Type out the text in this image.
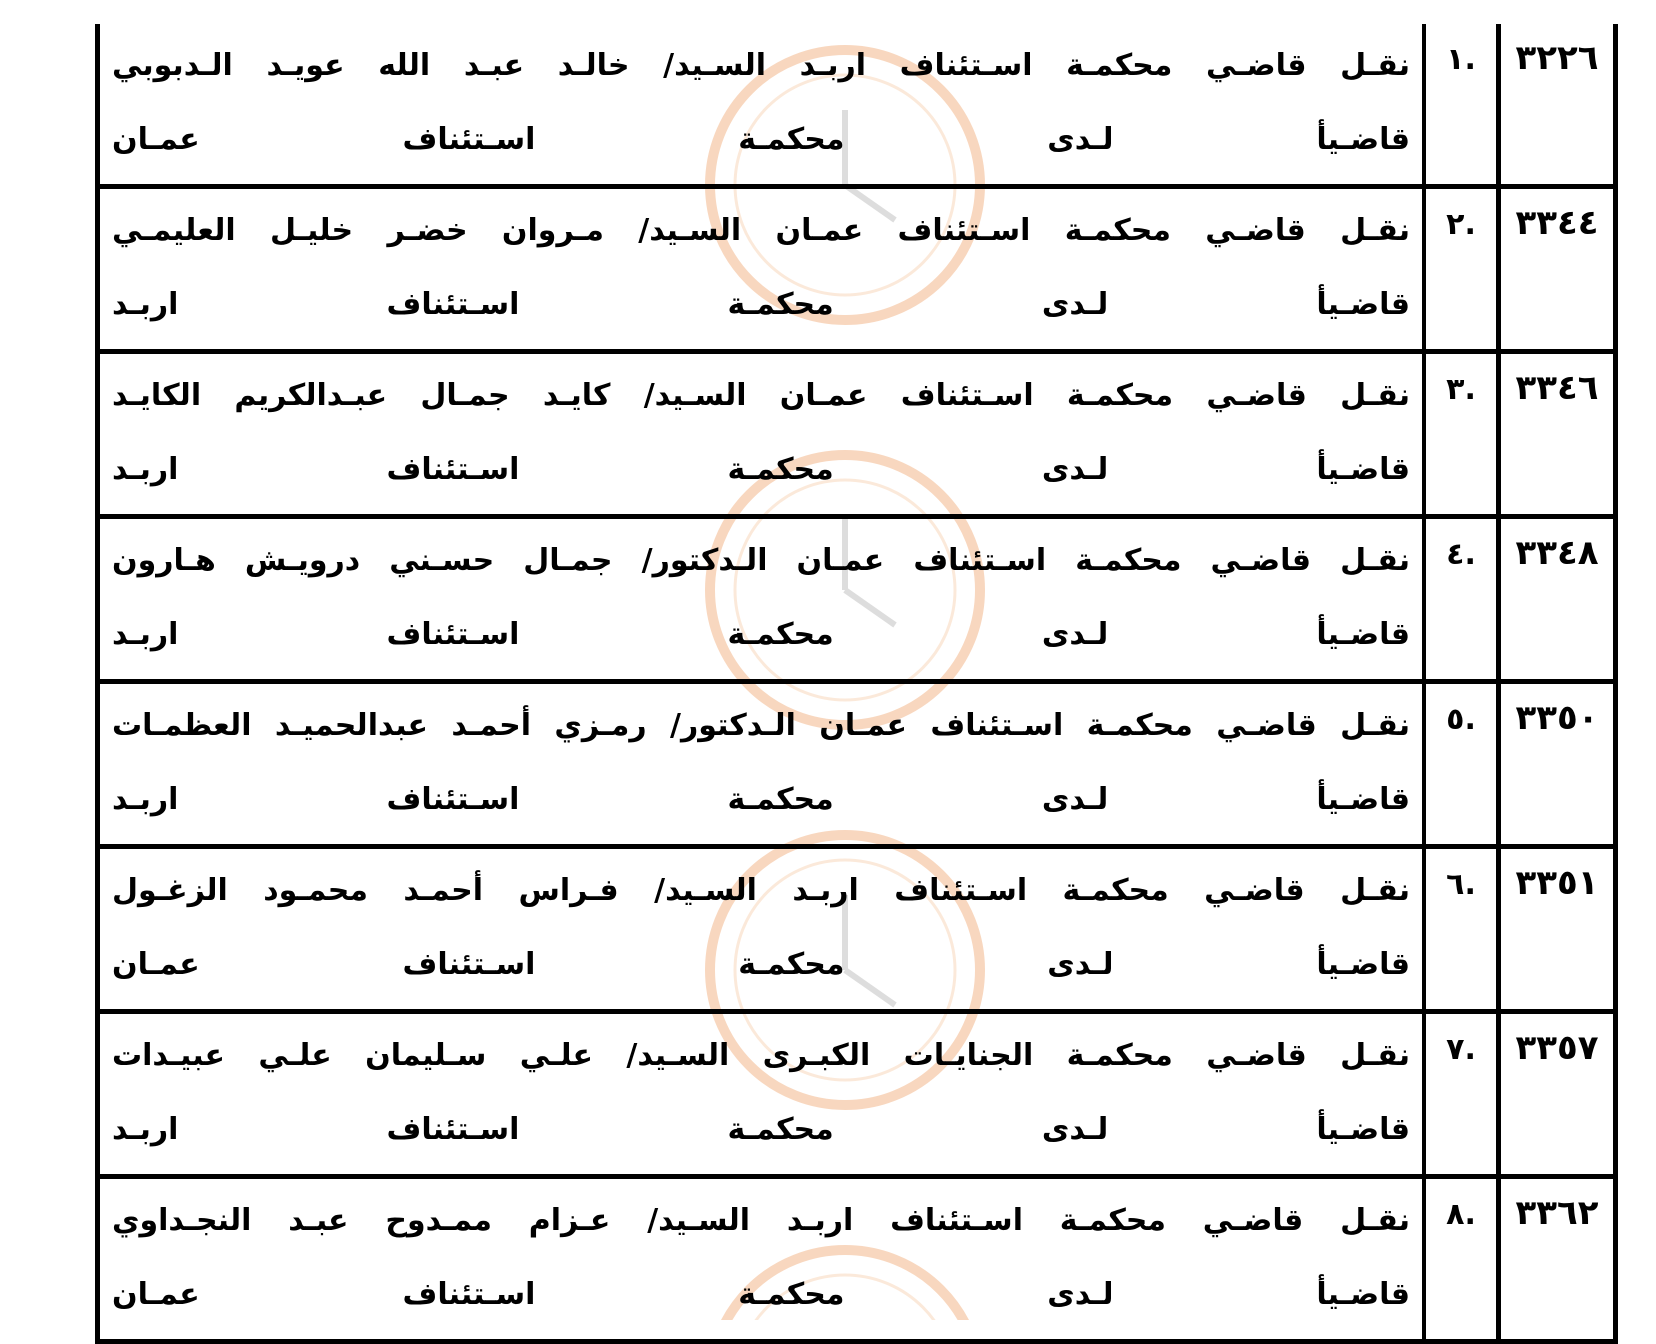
٣٢٢٦	.١	نقـل قاضـي محكمـة اسـتئناف اربـد السـيد/ خالـد عبـد الله عويـد الـدبوبي
قاضـيأ لـدى محكمـة اسـتئناف عمـان

٣٣٤٤	.٢	نقـل قاضـي محكمـة اسـتئناف عمـان السـيد/ مـروان خضـر خليـل العليمـي
قاضـيأ لـدى محكمـة اسـتئناف اربـد

٣٣٤٦	.٣	نقـل قاضـي محكمـة اسـتئناف عمـان السـيد/ كايـد جمـال عبـدالكريم الكايـد
قاضـيأ لـدى محكمـة اسـتئناف اربـد

٣٣٤٨	.٤	نقـل قاضـي محكمـة اسـتئناف عمـان الـدكتور/ جمـال حسـني درويـش هـارون
قاضـيأ لـدى محكمـة اسـتئناف اربـد

٣٣٥٠	.٥	نقـل قاضـي محكمـة اسـتئناف عمـان الـدكتور/ رمـزي أحمـد عبدالحميـد العظمـات
قاضـيأ لـدى محكمـة اسـتئناف اربـد

٣٣٥١	.٦	نقـل قاضـي محكمـة اسـتئناف اربـد السـيد/ فـراس أحمـد محمـود الزغـول
قاضـيأ لـدى محكمـة اسـتئناف عمـان

٣٣٥٧	.٧	نقـل قاضـي محكمـة الجنايـات الكبـرى السـيد/ علـي سـليمان علـي عبيـدات
قاضـيأ لـدى محكمـة اسـتئناف اربـد

٣٣٦٢	.٨	نقـل قاضـي محكمـة اسـتئناف اربـد السـيد/ عـزام ممـدوح عبـد النجـداوي
قاضـيأ لـدى محكمـة اسـتئناف عمـان
